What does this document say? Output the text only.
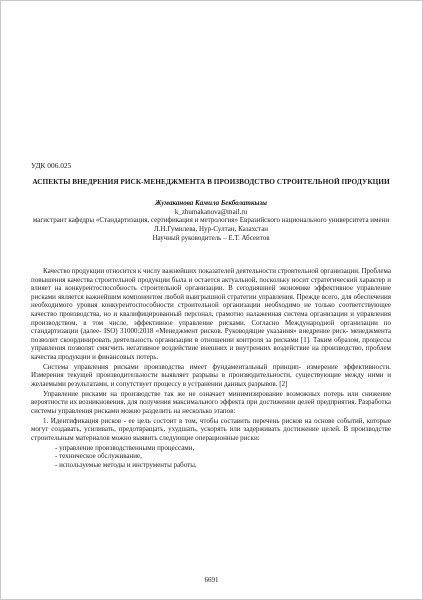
УДК 006.025
АСПЕКТЫ ВНЕДРЕНИЯ РИСК-МЕНЕДЖМЕНТА В ПРОИЗВОДСТВО СТРОИТЕЛЬНОЙ ПРОДУКЦИИ
Жумаканова Камила Бекболаткызы
k_zhumakanova@mail.ru
магистрант кафедры «Стандартизация, сертификация и метрология» Евразийского национального университета имени Л.Н.Гумилева, Нур-Султан, Казахстан
Научный руководитель – Е.Т. Абсеитов

Качество продукции относится к числу важнейших показателей деятельности строительной организации. Проблема повышения качества строительной продукции была и остается актуальной, поскольку носит стратегический характер и влияет на конкурентоспособность строительной организации. В сегодняшней экономике эффективное управление рисками является важнейшим компонентом любой выигрышной стратегии управления. Прежде всего, для обеспечения необходимого уровня конкурентоспособности строительной организации необходимо не только соответствующее качество производства, но и квалифицированный персонал, грамотно налаженная система организации и управления производством, в том числе, эффективное управление рисками. Согласно Международной организации по стандартизации (далее- ISO) 31000:2018 «Менеджмент рисков. Руководящие указания» внедрение риск- менеджмента позволит скоординировать деятельность организации в отношении контроля за рисками [1]. Таким образом, процессы управления позволят смягчить негативное воздействие внешних и внутренних воздействие на производство, проблем качества продукции и финансовых потерь.

Система управления рисками производства имеет фундаментальный принцип- измерение эффективности. Измерения текущей производительности выявляет разрывы в производительности, существующие между ними и желаемыми результатами, и сопутствует процессу в устранении данных разрывов. [2]

Управление рисками на производстве так же не означает минимизирование возможных потерь или снижение вероятности их возникновения, для получения максимального эффекта при достижении целей предприятия. Разработка системы управления рисками можно разделить на несколько этапов:

1. Идентификация рисков - ее цель состоит в том, чтобы составить перечень рисков на основе событий, которые могут создавать, усиливать, предотвращать, ухудшать, ускорять или задерживать достижение целей. В производстве строительным материалов можно выявить следующие операционные риски:

- управление производственными процессами,
- техническое обслуживание,
- используемые методы и инструменты работы,
6691
